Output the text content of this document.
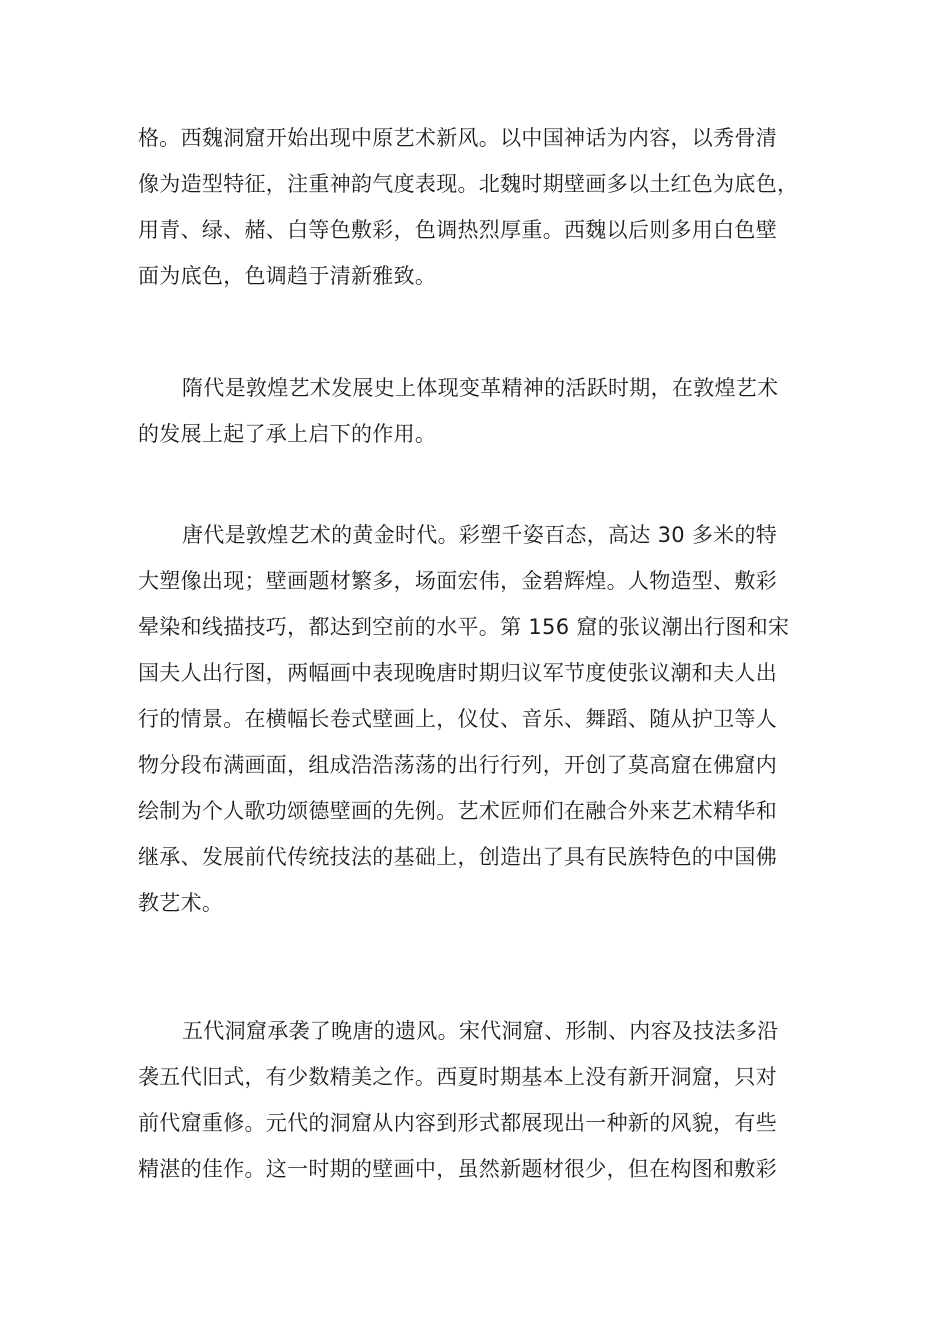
格。西魏洞窟开始出现中原艺术新风。以中国神话为内容，以秀骨清
像为造型特征，注重神韵气度表现。北魏时期壁画多以土红色为底色，
用青、绿、赭、白等色敷彩，色调热烈厚重。西魏以后则多用白色壁
面为底色，色调趋于清新雅致。
隋代是敦煌艺术发展史上体现变革精神的活跃时期，在敦煌艺术
的发展上起了承上启下的作用。
唐代是敦煌艺术的黄金时代。彩塑千姿百态，高达 30 多米的特
大塑像出现；壁画题材繁多，场面宏伟，金碧辉煌。人物造型、敷彩
晕染和线描技巧，都达到空前的水平。第 156 窟的张议潮出行图和宋
国夫人出行图，两幅画中表现晚唐时期归议军节度使张议潮和夫人出
行的情景。在横幅长卷式壁画上，仪仗、音乐、舞蹈、随从护卫等人
物分段布满画面，组成浩浩荡荡的出行行列，开创了莫高窟在佛窟内
绘制为个人歌功颂德壁画的先例。艺术匠师们在融合外来艺术精华和
继承、发展前代传统技法的基础上，创造出了具有民族特色的中国佛
教艺术。
五代洞窟承袭了晚唐的遗风。宋代洞窟、形制、内容及技法多沿
袭五代旧式，有少数精美之作。西夏时期基本上没有新开洞窟，只对
前代窟重修。元代的洞窟从内容到形式都展现出一种新的风貌，有些
精湛的佳作。这一时期的壁画中，虽然新题材很少，但在构图和敷彩
